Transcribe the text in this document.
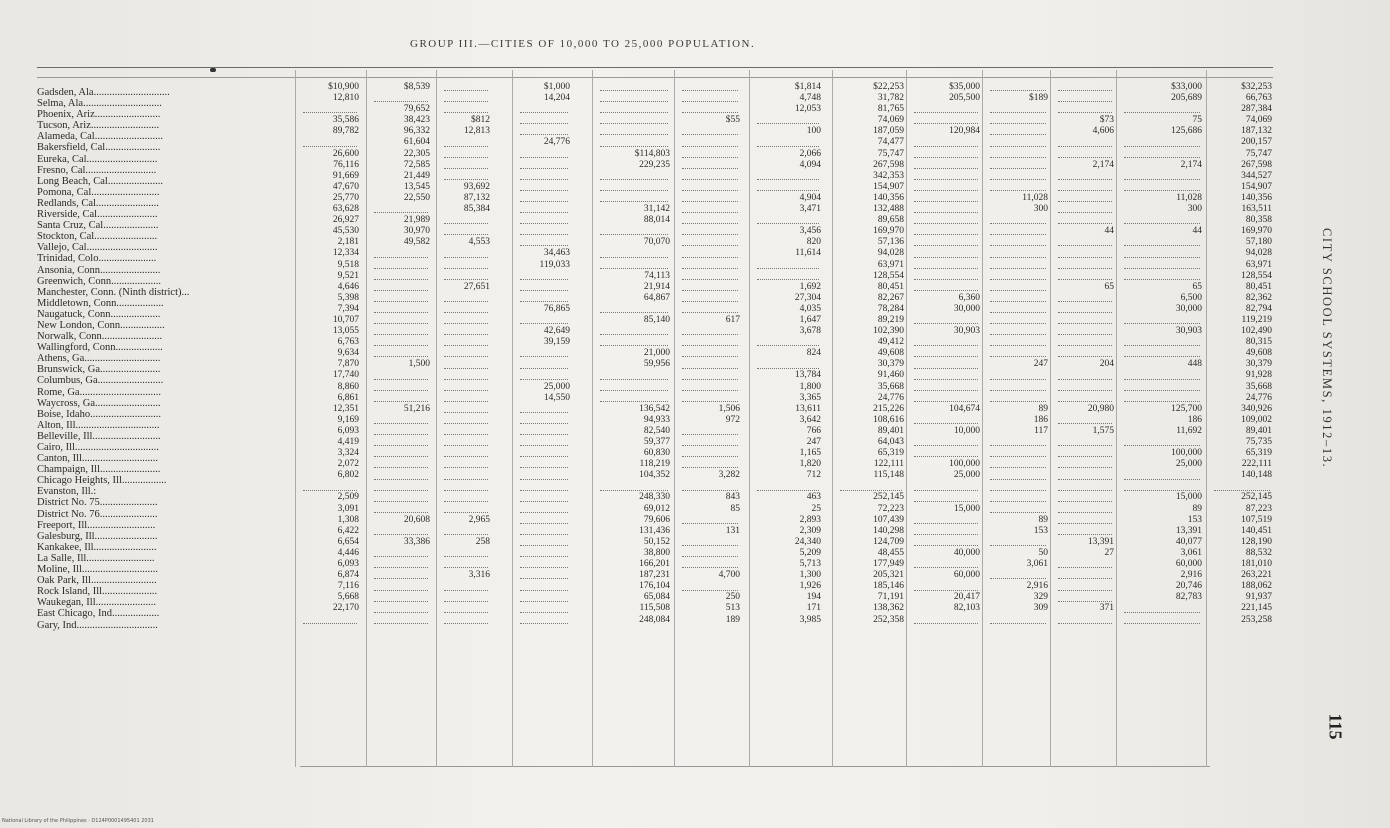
GROUP III.—CITIES OF 10,000 TO 25,000 POPULATION.
Gadsden, Ala.............................
Selma, Ala..............................
Phoenix, Ariz.........................
Tucson, Ariz..........................
Alameda, Cal..........................
Bakersfield, Cal.....................
Eureka, Cal...........................
Fresno, Cal...........................
Long Beach, Cal.....................
Pomona, Cal..........................
Redlands, Cal........................
Riverside, Cal.......................
Santa Cruz, Cal.....................
Stockton, Cal........................
Vallejo, Cal...........................
Trinidad, Colo......................
Ansonia, Conn.......................
Greenwich, Conn...................
Manchester, Conn. (Ninth district)...
Middletown, Conn..................
Naugatuck, Conn...................
New London, Conn.................
Norwalk, Conn.......................
Wallingford, Conn..................
Athens, Ga.............................
Brunswick, Ga.......................
Columbus, Ga.........................
Rome, Ga...............................
Waycross, Ga.........................
Boise, Idaho...........................
Alton, Ill................................
Belleville, Ill..........................
Cairo, Ill................................
Canton, Ill.............................
Champaign, Ill.......................
Chicago Heights, Ill.................
Evanston, Ill.:
District No. 75......................
District No. 76......................
Freeport, Ill..........................
Galesburg, Ill........................
Kankakee, Ill........................
La Salle, Ill..........................
Moline, Ill.............................
Oak Park, Ill.........................
Rock Island, Ill.....................
Waukegan, Ill.......................
East Chicago, Ind..................
Gary, Ind...............................
$10,900
12,810
35,586
89,782
26,600
76,116
91,669
47,670
25,770
63,628
26,927
45,530
2,181
12,334
9,518
9,521
4,646
5,398
7,394
10,707
13,055
6,763
9,634
7,870
17,740
8,860
6,861
12,351
9,169
6,093
4,419
3,324
2,072
6,802
2,509
3,091
1,308
6,422
6,654
4,446
6,093
6,874
7,116
5,668
22,170
$8,539
79,652
38,423
96,332
61,604
22,305
72,585
21,449
13,545
22,550
21,989
30,970
49,582
1,500
51,216
20,608
33,386
$812
12,813
93,692
87,132
85,384
4,553
27,651
2,965
258
3,316
$1,000
14,204
24,776
34,463
119,033
76,865
42,649
39,159
25,000
14,550
$114,803
229,235
31,142
88,014
70,070
74,113
21,914
64,867
85,140
21,000
59,956
136,542
94,933
82,540
59,377
60,830
118,219
104,352
248,330
69,012
79,606
131,436
50,152
38,800
166,201
187,231
176,104
65,084
115,508
248,084
$55
617
1,506
972
3,282
843
85
131
4,700
250
513
189
$1,814
4,748
12,053
100
2,066
4,094
4,904
3,471
3,456
820
11,614
1,692
27,304
4,035
1,647
3,678
824
13,784
1,800
3,365
13,611
3,642
766
247
1,165
1,820
712
463
25
2,893
2,309
24,340
5,209
5,713
1,300
1,926
194
171
3,985
$22,253
31,782
81,765
74,069
187,059
74,477
75,747
267,598
342,353
154,907
140,356
132,488
89,658
169,970
57,136
94,028
63,971
128,554
80,451
82,267
78,284
89,219
102,390
49,412
49,608
30,379
91,460
35,668
24,776
215,226
108,616
89,401
64,043
65,319
122,111
115,148
252,145
72,223
107,439
140,298
124,709
48,455
177,949
205,321
185,146
71,191
138,362
252,358
$35,000
205,500
120,984
6,360
30,000
30,903
104,674
10,000
100,000
25,000
15,000
40,000
60,000
20,417
82,103
$189
11,028
300
247
89
186
117
89
153
50
3,061
2,916
329
309
$73
4,606
2,174
44
65
204
20,980
1,575
13,391
27
371
$33,000
205,689
75
125,686
2,174
11,028
300
44
65
6,500
30,000
30,903
448
125,700
186
11,692
100,000
25,000
15,000
89
153
13,391
40,077
3,061
60,000
2,916
20,746
82,783
$32,253
66,763
287,384
74,069
187,132
200,157
75,747
267,598
344,527
154,907
140,356
163,511
80,358
169,970
57,180
94,028
63,971
128,554
80,451
82,362
82,794
119,219
102,490
80,315
49,608
30,379
91,928
35,668
24,776
340,926
109,002
89,401
75,735
65,319
222,111
140,148
252,145
87,223
107,519
140,451
128,190
88,532
181,010
263,221
188,062
91,937
221,145
253,258
CITY SCHOOL SYSTEMS, 1912–13.
115
National Library of the Philippines · D124P0001495401 2031
